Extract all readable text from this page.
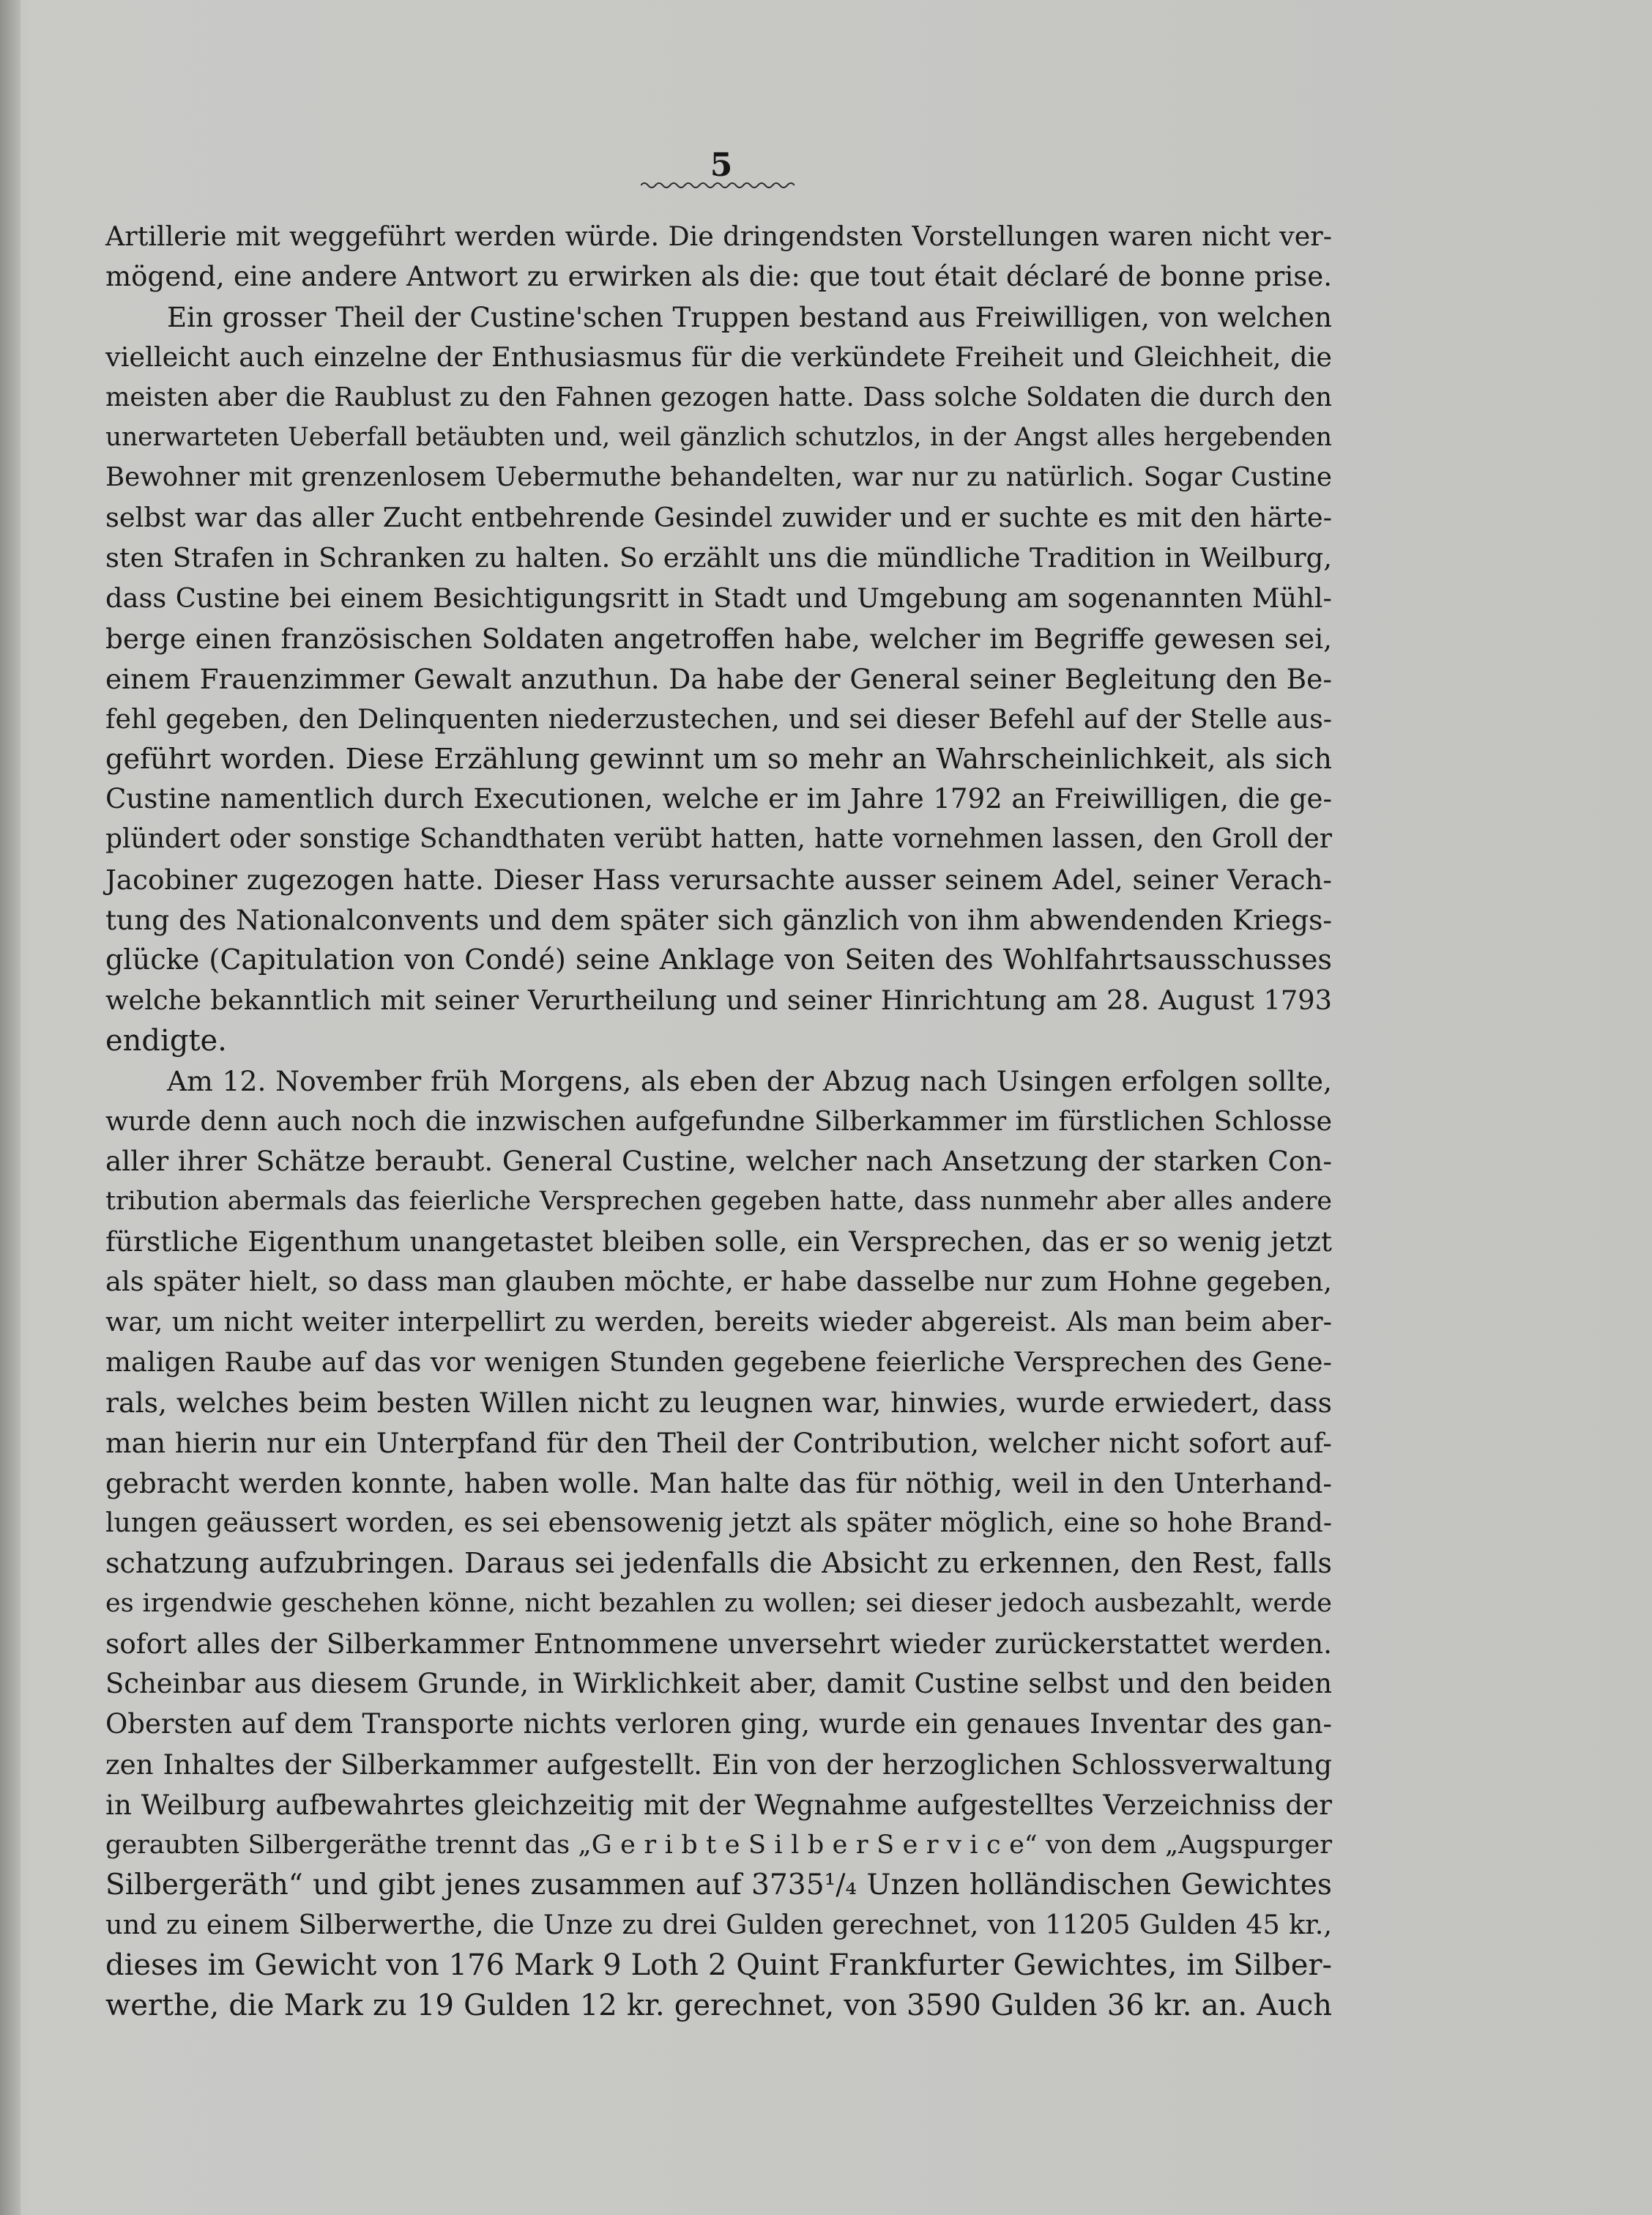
5
Artillerie mit weggeführt werden würde. Die dringendsten Vorstellungen waren nicht ver-
mögend, eine andere Antwort zu erwirken als die: que tout était déclaré de bonne prise.
Ein grosser Theil der Custine'schen Truppen bestand aus Freiwilligen, von welchen
vielleicht auch einzelne der Enthusiasmus für die verkündete Freiheit und Gleichheit, die
meisten aber die Raublust zu den Fahnen gezogen hatte. Dass solche Soldaten die durch den
unerwarteten Ueberfall betäubten und, weil gänzlich schutzlos, in der Angst alles hergebenden
Bewohner mit grenzenlosem Uebermuthe behandelten, war nur zu natürlich. Sogar Custine
selbst war das aller Zucht entbehrende Gesindel zuwider und er suchte es mit den härte-
sten Strafen in Schranken zu halten. So erzählt uns die mündliche Tradition in Weilburg,
dass Custine bei einem Besichtigungsritt in Stadt und Umgebung am sogenannten Mühl-
berge einen französischen Soldaten angetroffen habe, welcher im Begriffe gewesen sei,
einem Frauenzimmer Gewalt anzuthun. Da habe der General seiner Begleitung den Be-
fehl gegeben, den Delinquenten niederzustechen, und sei dieser Befehl auf der Stelle aus-
geführt worden. Diese Erzählung gewinnt um so mehr an Wahrscheinlichkeit, als sich
Custine namentlich durch Executionen, welche er im Jahre 1792 an Freiwilligen, die ge-
plündert oder sonstige Schandthaten verübt hatten, hatte vornehmen lassen, den Groll der
Jacobiner zugezogen hatte. Dieser Hass verursachte ausser seinem Adel, seiner Verach-
tung des Nationalconvents und dem später sich gänzlich von ihm abwendenden Kriegs-
glücke (Capitulation von Condé) seine Anklage von Seiten des Wohlfahrtsausschusses
welche bekanntlich mit seiner Verurtheilung und seiner Hinrichtung am 28. August 1793
endigte.
Am 12. November früh Morgens, als eben der Abzug nach Usingen erfolgen sollte,
wurde denn auch noch die inzwischen aufgefundne Silberkammer im fürstlichen Schlosse
aller ihrer Schätze beraubt. General Custine, welcher nach Ansetzung der starken Con-
tribution abermals das feierliche Versprechen gegeben hatte, dass nunmehr aber alles andere
fürstliche Eigenthum unangetastet bleiben solle, ein Versprechen, das er so wenig jetzt
als später hielt, so dass man glauben möchte, er habe dasselbe nur zum Hohne gegeben,
war, um nicht weiter interpellirt zu werden, bereits wieder abgereist. Als man beim aber-
maligen Raube auf das vor wenigen Stunden gegebene feierliche Versprechen des Gene-
rals, welches beim besten Willen nicht zu leugnen war, hinwies, wurde erwiedert, dass
man hierin nur ein Unterpfand für den Theil der Contribution, welcher nicht sofort auf-
gebracht werden konnte, haben wolle. Man halte das für nöthig, weil in den Unterhand-
lungen geäussert worden, es sei ebensowenig jetzt als später möglich, eine so hohe Brand-
schatzung aufzubringen. Daraus sei jedenfalls die Absicht zu erkennen, den Rest, falls
es irgendwie geschehen könne, nicht bezahlen zu wollen; sei dieser jedoch ausbezahlt, werde
sofort alles der Silberkammer Entnommene unversehrt wieder zurückerstattet werden.
Scheinbar aus diesem Grunde, in Wirklichkeit aber, damit Custine selbst und den beiden
Obersten auf dem Transporte nichts verloren ging, wurde ein genaues Inventar des gan-
zen Inhaltes der Silberkammer aufgestellt. Ein von der herzoglichen Schlossverwaltung
in Weilburg aufbewahrtes gleichzeitig mit der Wegnahme aufgestelltes Verzeichniss der
geraubten Silbergeräthe trennt das „G e r i b t e S i l b e r S e r v i c e“ von dem „Augspurger
Silbergeräth“ und gibt jenes zusammen auf 3735¹/₄ Unzen holländischen Gewichtes
und zu einem Silberwerthe, die Unze zu drei Gulden gerechnet, von 11205 Gulden 45 kr.,
dieses im Gewicht von 176 Mark 9 Loth 2 Quint Frankfurter Gewichtes, im Silber-
werthe, die Mark zu 19 Gulden 12 kr. gerechnet, von 3590 Gulden 36 kr. an. Auch
